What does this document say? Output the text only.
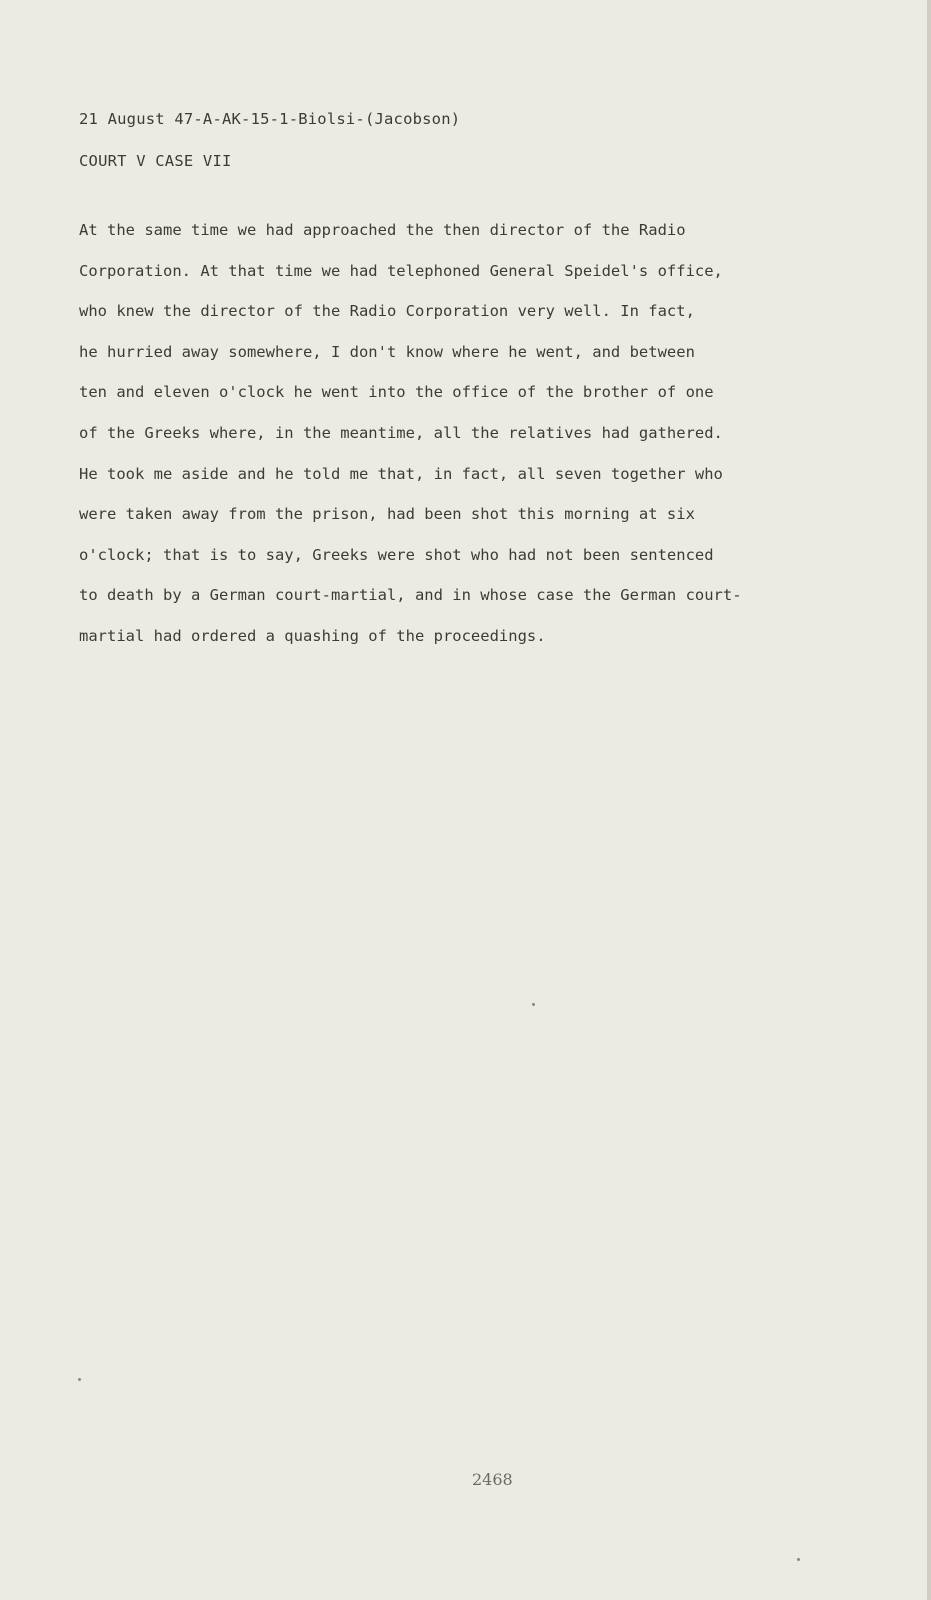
21 August 47-A-AK-15-1-Biolsi-(Jacobson)
COURT V CASE VII
At the same time we had approached the then director of the Radio
Corporation. At that time we had telephoned General Speidel's office,
who knew the director of the Radio Corporation very well. In fact,
he hurried away somewhere, I don't know where he went, and between
ten and eleven o'clock he went into the office of the brother of one
of the Greeks where, in the meantime, all the relatives had gathered.
He took me aside and he told me that, in fact, all seven together who
were taken away from the prison, had been shot this morning at six
o'clock; that is to say, Greeks were shot who had not been sentenced
to death by a German court-martial, and in whose case the German court-
martial had ordered a quashing of the proceedings.
2468
